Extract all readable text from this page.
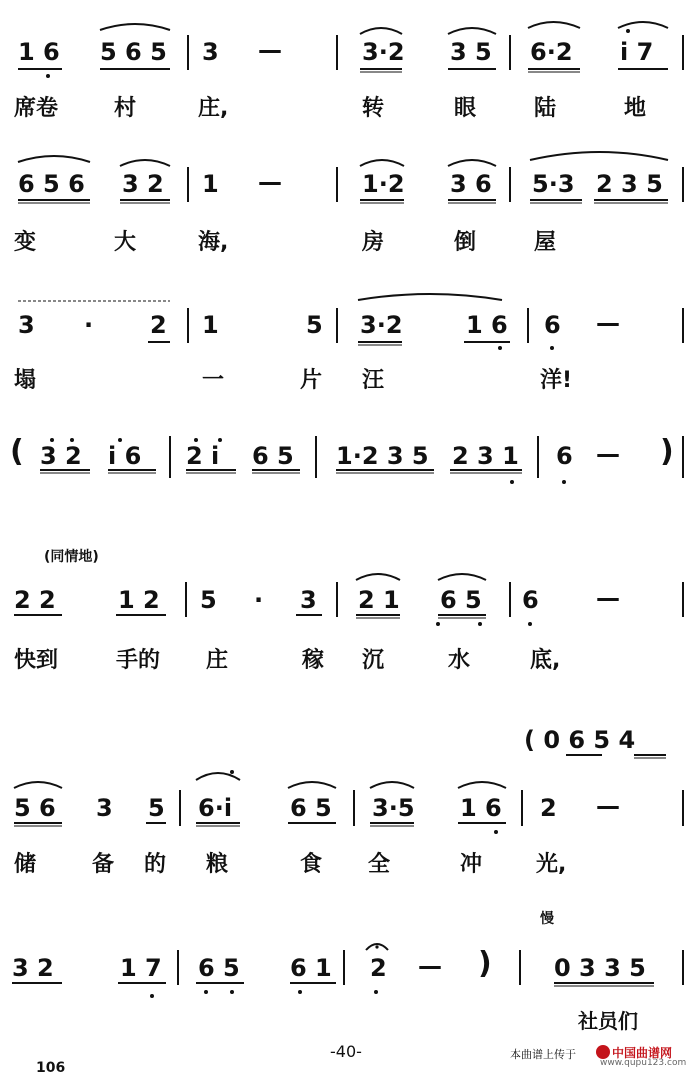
1 6 5 6 5 3 —	3·2 3 5 6·2 i 7
席卷	村	庄,	转	眼	陆	地
6 5 6 3 2 1 —	1·2 3 6 5·3 2 3 5
变	大	海,	房	倒	屋
3 · 2 1	5 3·2	1 6 6 —
塌	一	片 汪	洋!
( 3 2 i 6 2 i 6 5 1·2 3 5 2 3 1 6 — )
(同情地)
2 2	1 2 5 · 3 2 1 6 5 6 —
快到	手的 庄	稼 沉	水	底,
( 0 6 5 4
5 6 3 5 6·i 6 5 3·5 1 6 2 —
储	备 的 粮	食 全	冲 光,
慢
3 2	1 7 6 5 6 1 2 — )	0 3 3 5
社员们
-40-	本曲谱上传于	中国曲谱网
www.qupu123.com
106
